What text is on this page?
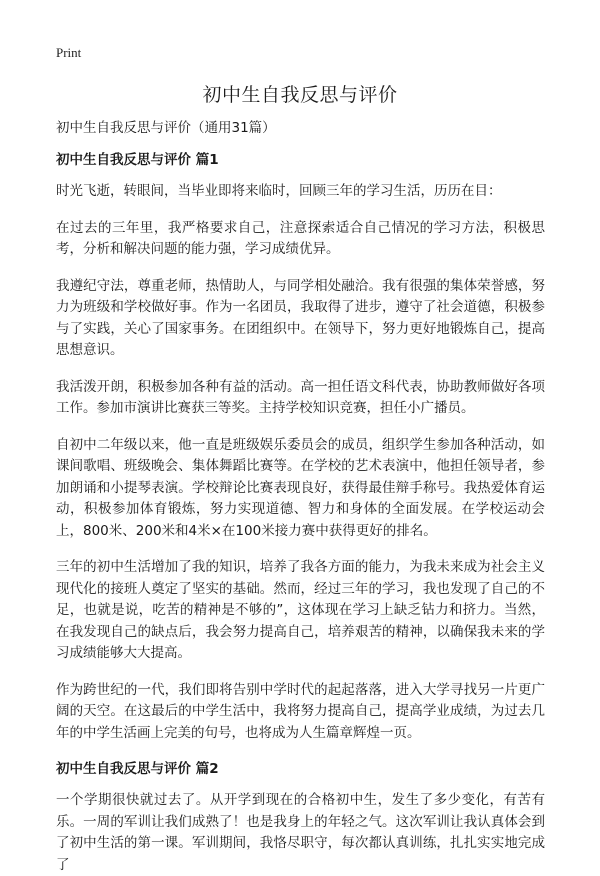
Print
初中生自我反思与评价

初中生自我反思与评价（通用31篇）

初中生自我反思与评价 篇1

时光飞逝，转眼间，当毕业即将来临时，回顾三年的学习生活，历历在目：

在过去的三年里，我严格要求自己，注意探索适合自己情况的学习方法，积极思考，分析和解决问题的能力强，学习成绩优异。

我遵纪守法，尊重老师，热情助人，与同学相处融洽。我有很强的集体荣誉感，努力为班级和学校做好事。作为一名团员，我取得了进步，遵守了社会道德，积极参与了实践，关心了国家事务。在团组织中。在领导下，努力更好地锻炼自己，提高思想意识。

我活泼开朗，积极参加各种有益的活动。高一担任语文科代表，协助教师做好各项工作。参加市演讲比赛获三等奖。主持学校知识竞赛，担任小广播员。

自初中二年级以来，他一直是班级娱乐委员会的成员，组织学生参加各种活动，如课间歌唱、班级晚会、集体舞蹈比赛等。在学校的艺术表演中，他担任领导者，参加朗诵和小提琴表演。学校辩论比赛表现良好，获得最佳辩手称号。我热爱体育运动，积极参加体育锻炼，努力实现道德、智力和身体的全面发展。在学校运动会上，800米、200米和4米×在100米接力赛中获得更好的排名。

三年的初中生活增加了我的知识，培养了我各方面的能力，为我未来成为社会主义现代化的接班人奠定了坚实的基础。然而，经过三年的学习，我也发现了自己的不足，也就是说，吃苦的精神是不够的”，这体现在学习上缺乏钻力和挤力。当然，在我发现自己的缺点后，我会努力提高自己，培养艰苦的精神，以确保我未来的学习成绩能够大大提高。

作为跨世纪的一代，我们即将告别中学时代的起起落落，进入大学寻找另一片更广阔的天空。在这最后的中学生活中，我将努力提高自己，提高学业成绩，为过去几年的中学生活画上完美的句号，也将成为人生篇章辉煌一页。

初中生自我反思与评价 篇2

一个学期很快就过去了。从开学到现在的合格初中生，发生了多少变化，有苦有乐。一周的军训让我们成熟了！也是我身上的年轻之气。这次军训让我认真体会到了初中生活的第一课。军训期间，我恪尽职守，每次都认真训练，扎扎实实地完成了
